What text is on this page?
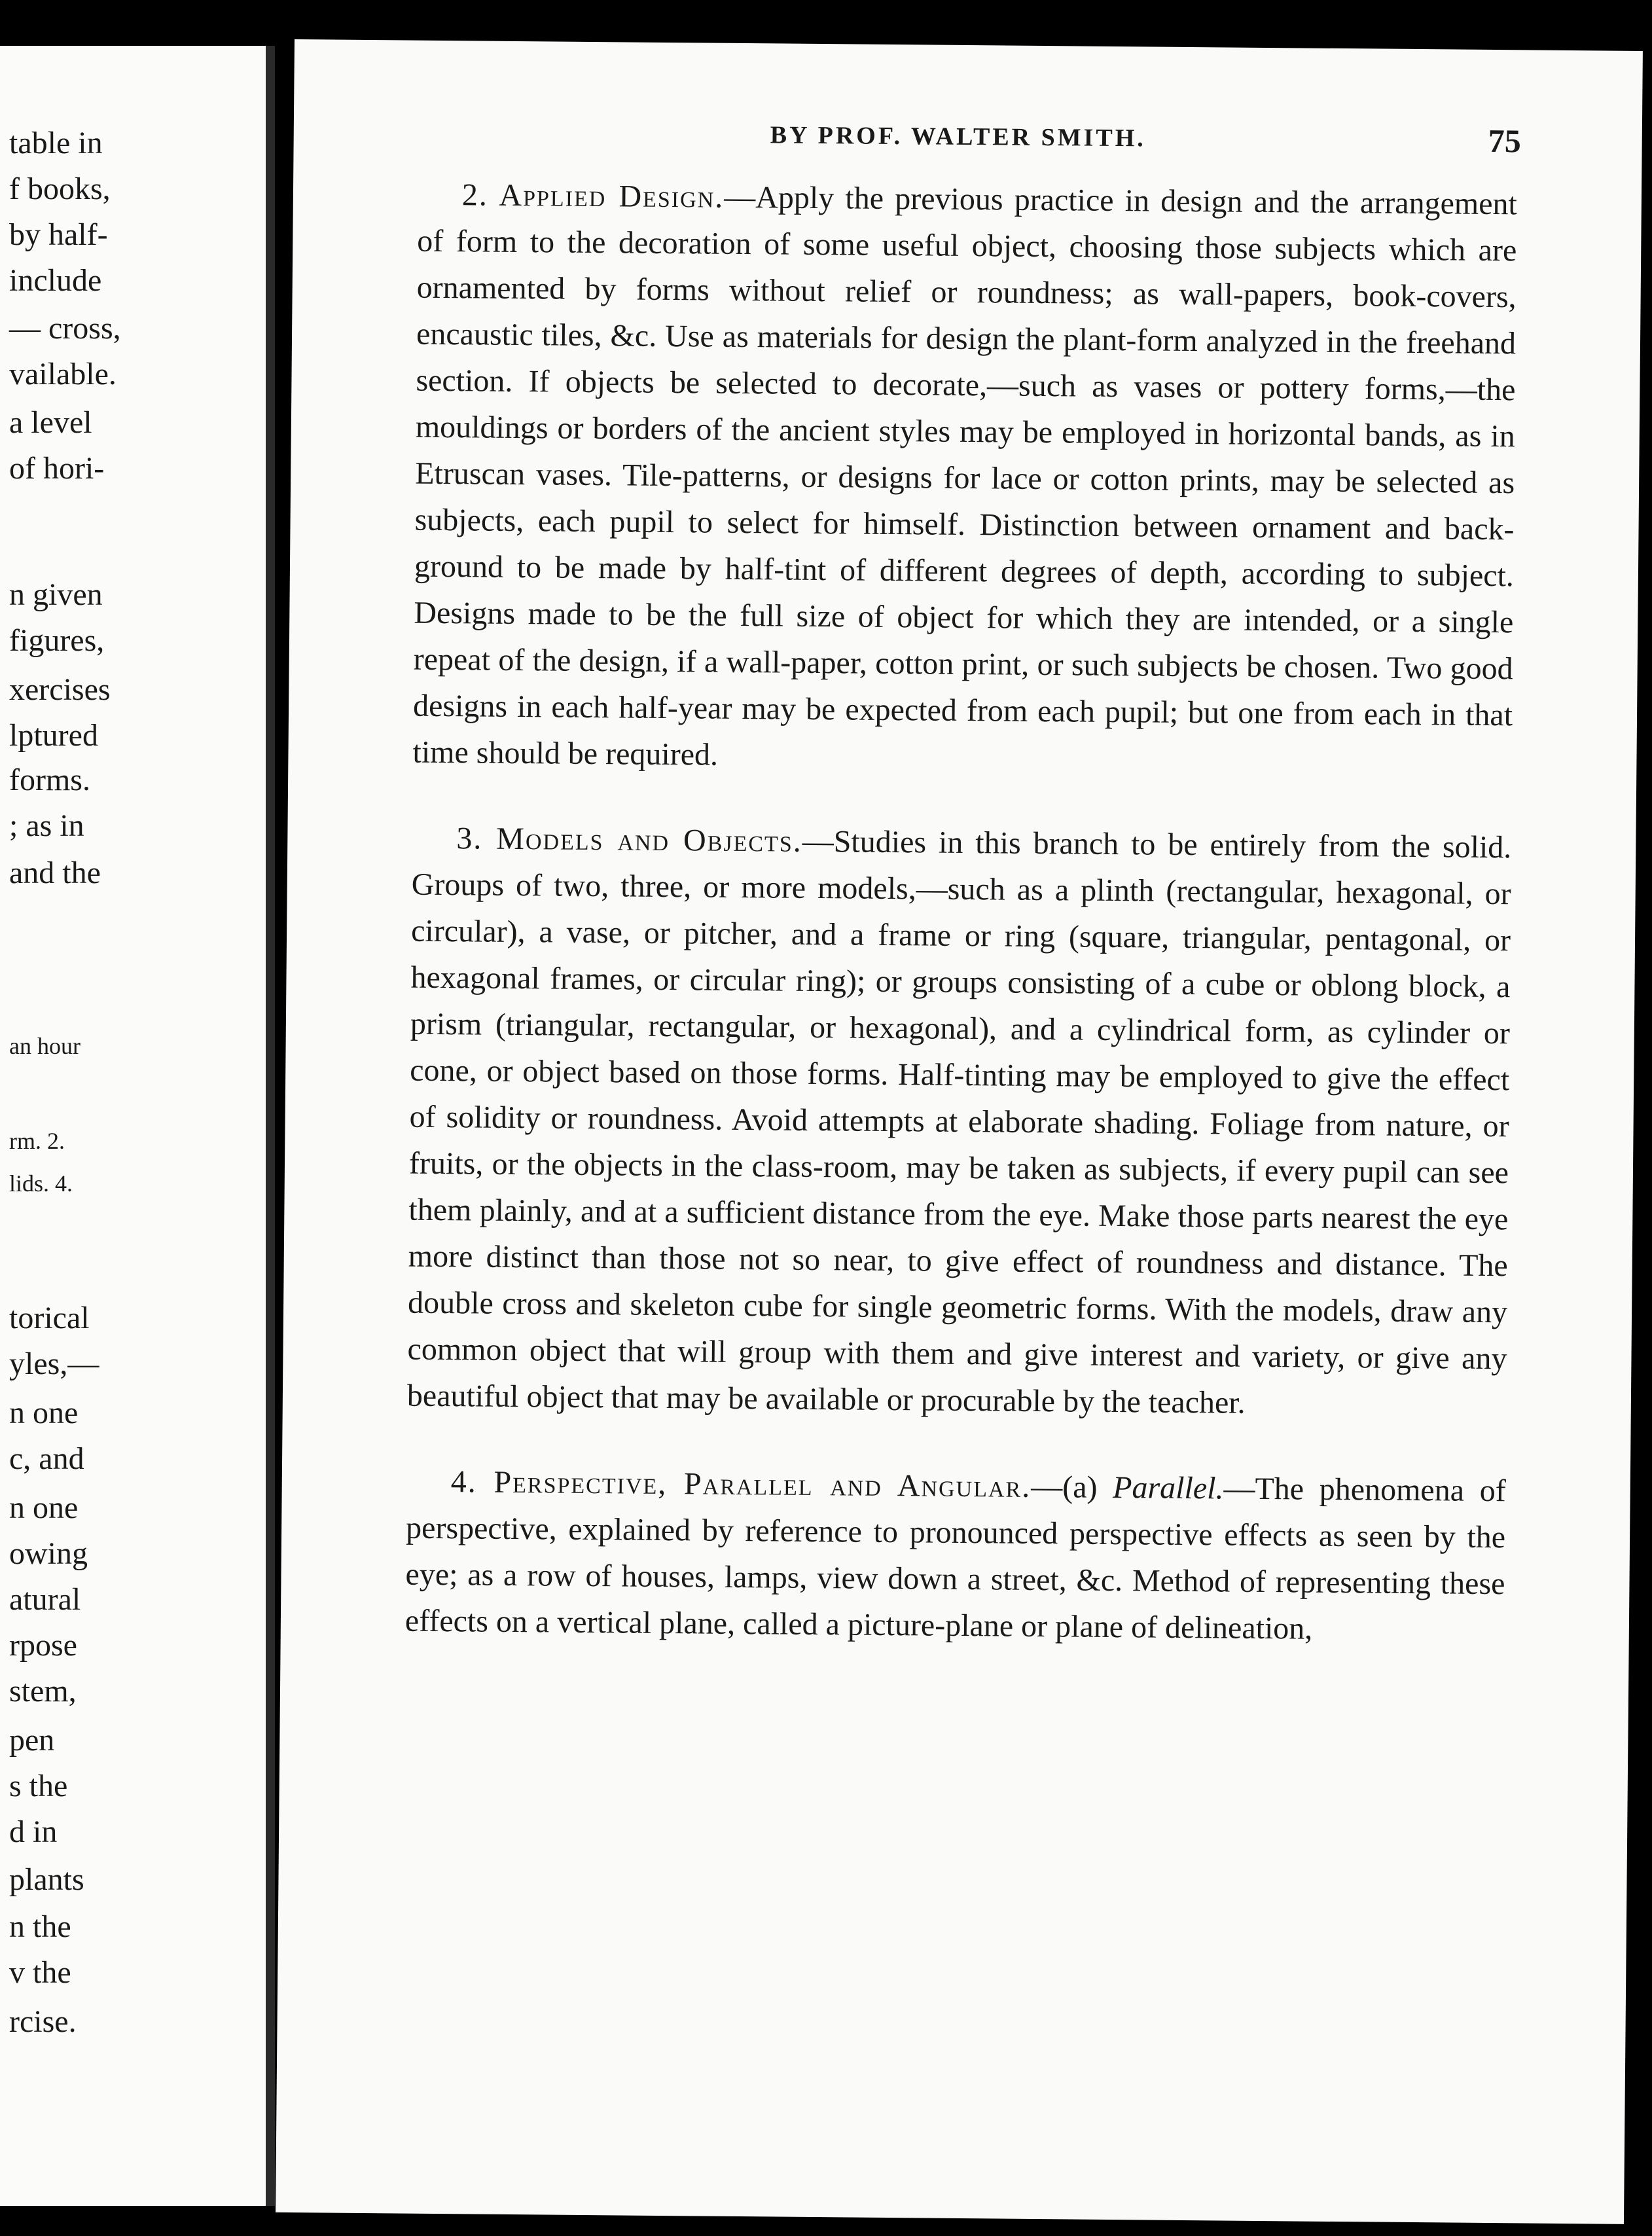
table in
f books,
by half-
include
— cross,
vailable.
a level
of hori-
n given
figures,
xercises
lptured
forms.
; as in
and the
an hour
rm. 2.
lids. 4.
torical
yles,—
n one
c, and
n one
owing
atural
rpose
stem,
pen
s the
d in
plants
n the
v the
rcise.
BY PROF. WALTER SMITH.	75

2. Applied Design.—Apply the previous practice in design and the arrangement of form to the decoration of some useful object, choosing those subjects which are ornamented by forms without relief or roundness; as wall-papers, book-covers, encaustic tiles, &c. Use as materials for design the plant-form analyzed in the freehand section. If objects be selected to decorate,—such as vases or pottery forms,—the mouldings or borders of the ancient styles may be employed in horizontal bands, as in Etruscan vases. Tile-patterns, or designs for lace or cotton prints, may be selected as subjects, each pupil to select for himself. Distinction between ornament and back-ground to be made by half-tint of different degrees of depth, according to subject. Designs made to be the full size of object for which they are intended, or a single repeat of the design, if a wall-paper, cotton print, or such subjects be chosen. Two good designs in each half-year may be expected from each pupil; but one from each in that time should be required.

3. Models and Objects.—Studies in this branch to be entirely from the solid. Groups of two, three, or more models,—such as a plinth (rectangular, hexagonal, or circular), a vase, or pitcher, and a frame or ring (square, triangular, pentagonal, or hexagonal frames, or circular ring); or groups consisting of a cube or oblong block, a prism (triangular, rectangular, or hexagonal), and a cylindrical form, as cylinder or cone, or object based on those forms. Half-tinting may be employed to give the effect of solidity or roundness. Avoid attempts at elaborate shading. Foliage from nature, or fruits, or the objects in the class-room, may be taken as subjects, if every pupil can see them plainly, and at a sufficient distance from the eye. Make those parts nearest the eye more distinct than those not so near, to give effect of roundness and distance. The double cross and skeleton cube for single geometric forms. With the models, draw any common object that will group with them and give interest and variety, or give any beautiful object that may be available or procurable by the teacher.

4. Perspective, Parallel and Angular.—(a) Parallel.—The phenomena of perspective, explained by reference to pronounced perspective effects as seen by the eye; as a row of houses, lamps, view down a street, &c. Method of representing these effects on a vertical plane, called a picture-plane or plane of delineation,
